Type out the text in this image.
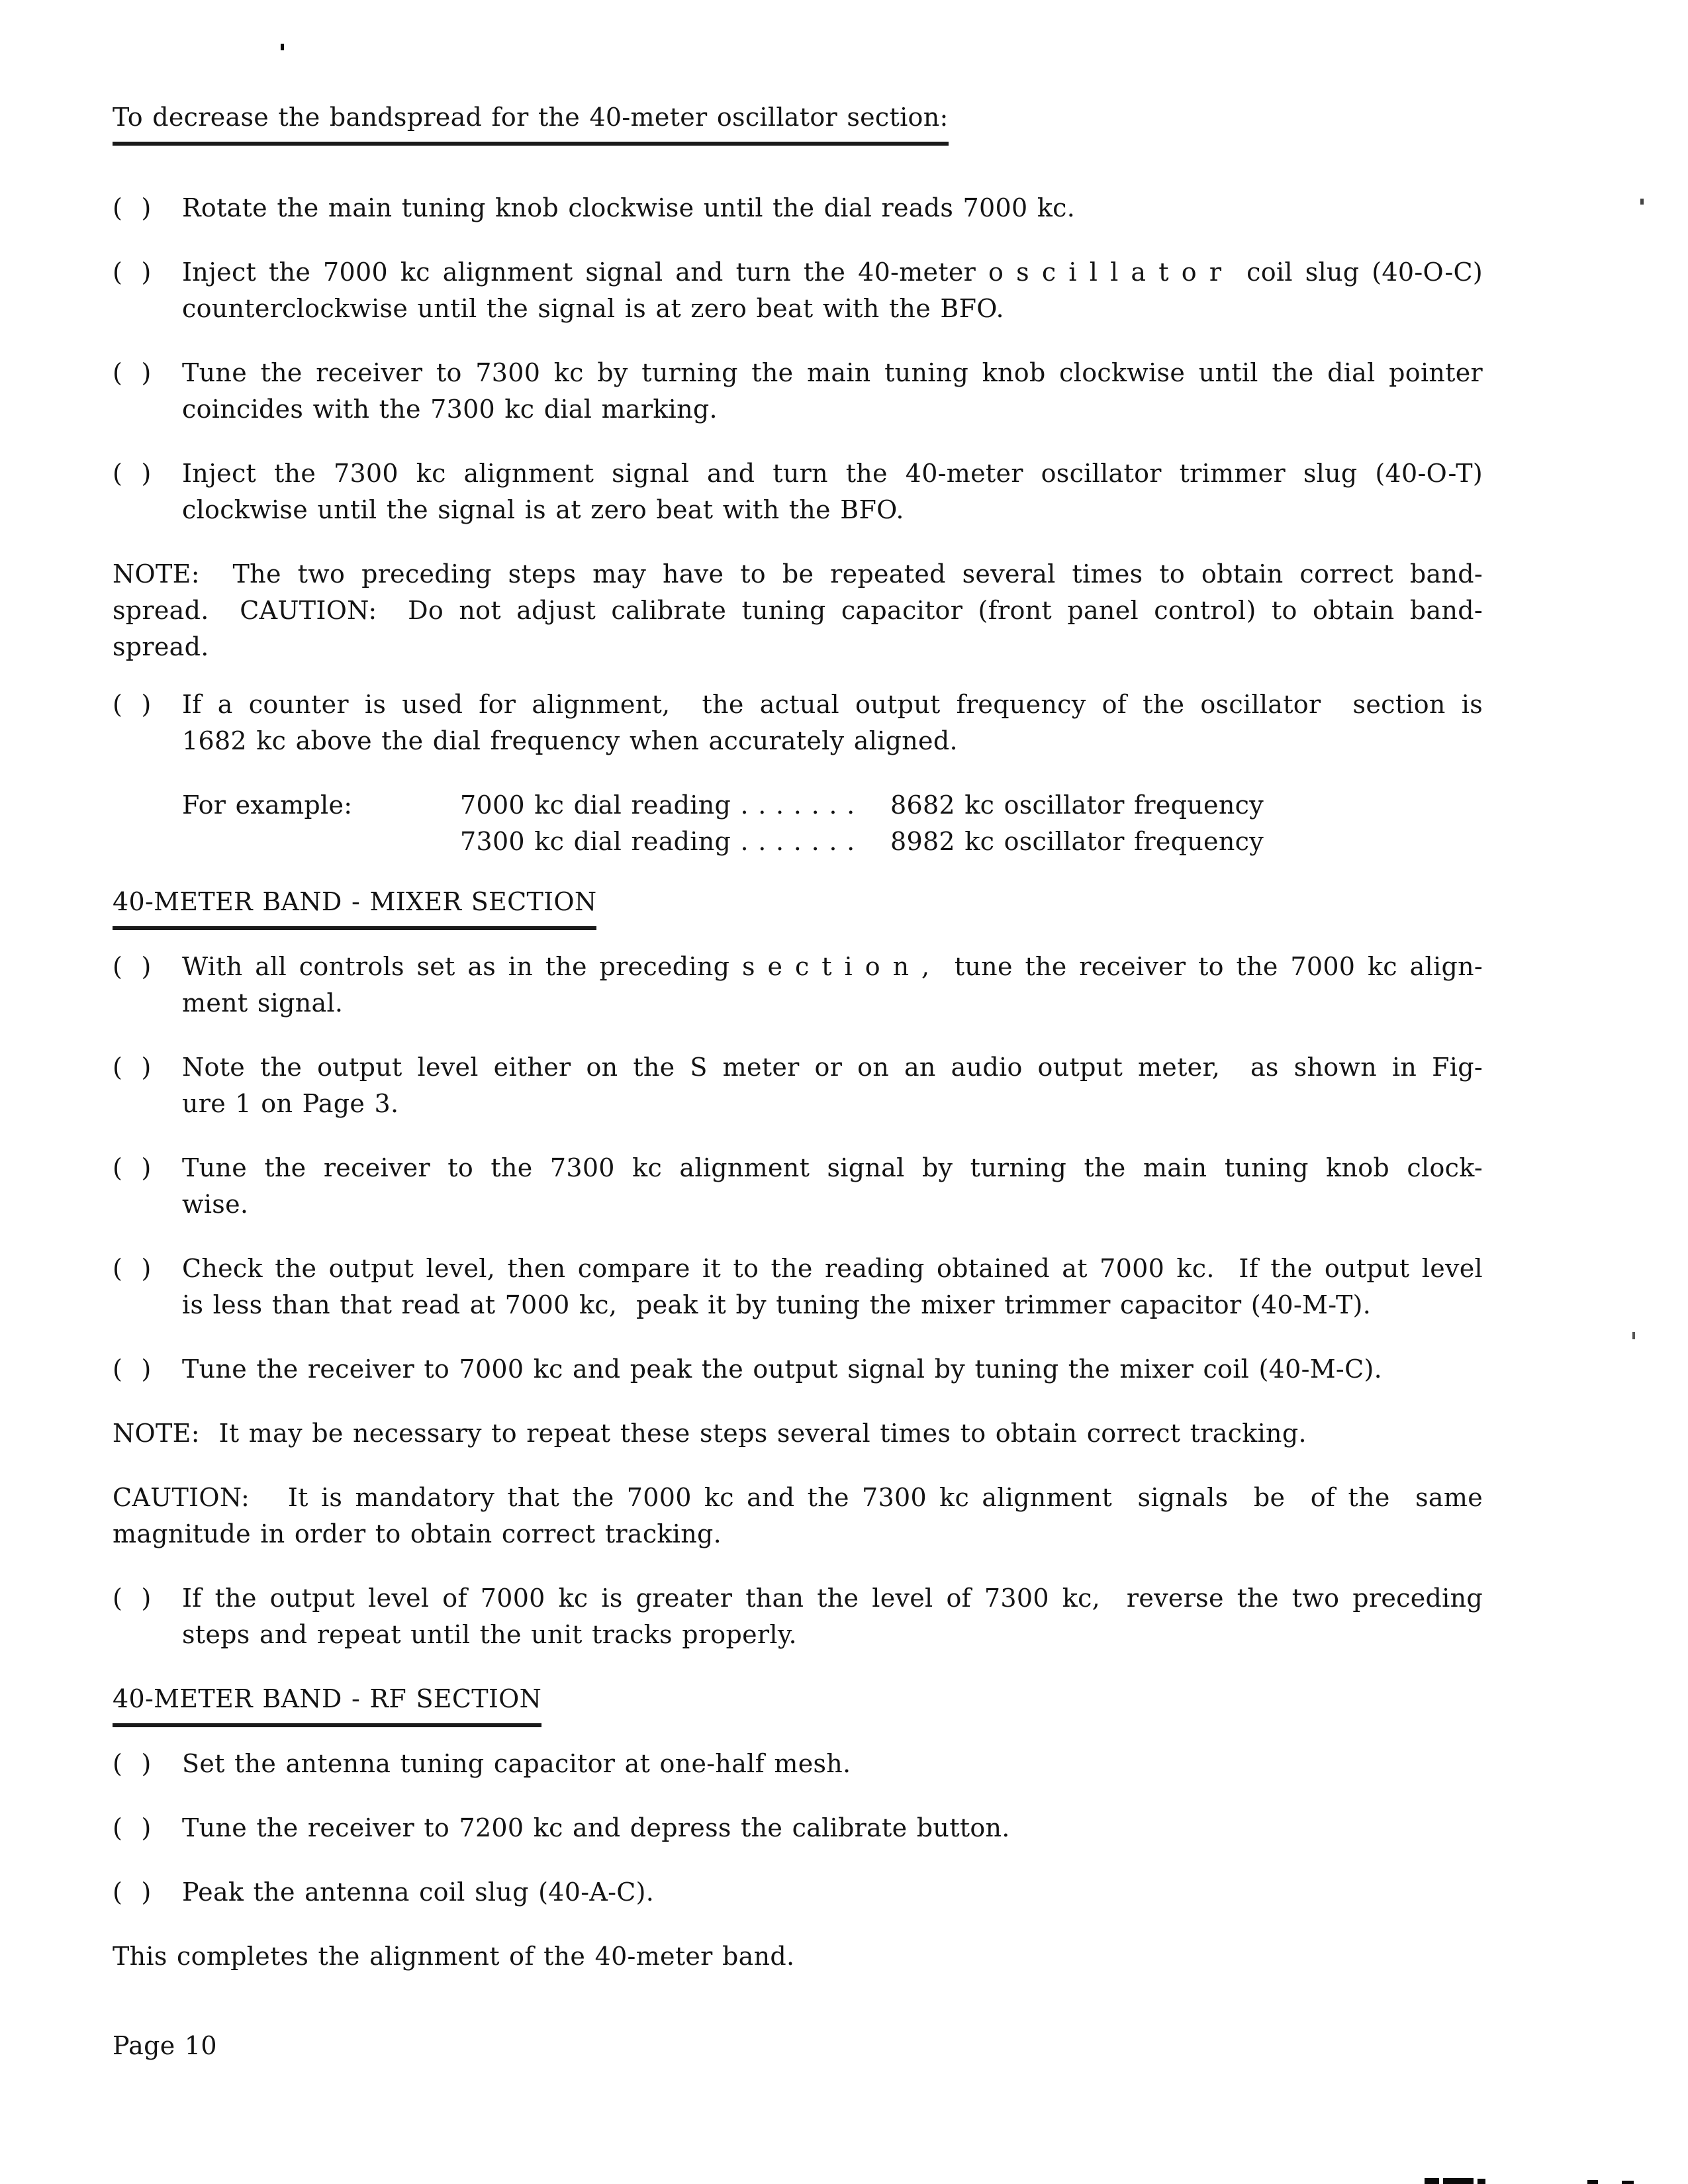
To decrease the bandspread for the 40-meter oscillator section:
( )	Rotate the main tuning knob clockwise until the dial reads 7000 kc.
( )	Inject the 7000 kc alignment signal and turn the 40-meter o s c i l l a t o r  coil slug (40-O-C)
counterclockwise until the signal is at zero beat with the BFO.
( )	Tune the receiver to 7300 kc by turning the main tuning knob clockwise until the dial pointer
coincides with the 7300 kc dial marking.
( )	Inject the 7300 kc alignment signal and turn the 40-meter oscillator trimmer slug (40-O-T)
clockwise until the signal is at zero beat with the BFO.
NOTE:  The two preceding steps may have to be repeated several times to obtain correct band-
spread.  CAUTION:  Do not adjust calibrate tuning capacitor (front panel control) to obtain band-
spread.
( )	If a counter is used for alignment,  the actual output frequency of the oscillator  section is
1682 kc above the dial frequency when accurately aligned.
For example:	7000 kc dial reading . . . . . . .	8682 kc oscillator frequency
7300 kc dial reading . . . . . . .	8982 kc oscillator frequency
40-METER BAND - MIXER SECTION
( )	With all controls set as in the preceding s e c t i o n ,  tune the receiver to the 7000 kc align-
ment signal.
( )	Note the output level either on the S meter or on an audio output meter,  as shown in Fig-
ure 1 on Page 3.
( )	Tune the receiver to the 7300 kc alignment signal by turning the main tuning knob clock-
wise.
( )	Check the output level, then compare it to the reading obtained at 7000 kc.  If the output level
is less than that read at 7000 kc,  peak it by tuning the mixer trimmer capacitor (40-M-T).
( )	Tune the receiver to 7000 kc and peak the output signal by tuning the mixer coil (40-M-C).
NOTE:  It may be necessary to repeat these steps several times to obtain correct tracking.
CAUTION:   It is mandatory that the 7000 kc and the 7300 kc alignment  signals  be  of the  same
magnitude in order to obtain correct tracking.
( )	If the output level of 7000 kc is greater than the level of 7300 kc,  reverse the two preceding
steps and repeat until the unit tracks properly.
40-METER BAND - RF SECTION
( )	Set the antenna tuning capacitor at one-half mesh.
( )	Tune the receiver to 7200 kc and depress the calibrate button.
( )	Peak the antenna coil slug (40-A-C).
This completes the alignment of the 40-meter band.
Page 10
